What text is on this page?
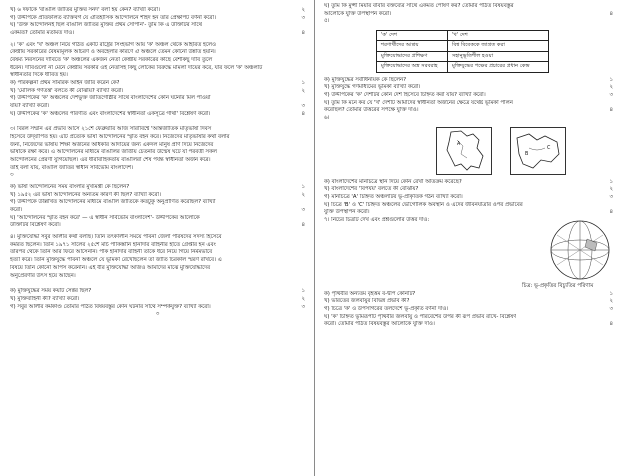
খ) ৬ দফাকে 'বাঙালি জাতির মুক্তির সনদ' বলা হয় কেন? ব্যাখ্যা করো।	২
গ) উদ্দীপকে প্রতিফলিত ব্যক্তিবর্গ যে ঐতিহাসিক আন্দোলনে শহিদ হন তার প্রেক্ষাপট বর্ণনা করো।	৩
ঘ) 'উক্ত আন্দোলনই ছিল বাঙালি জাতির মুক্তির প্রথম সোপান'- তুমি কি এ উক্তিটির সাথে
একমত? তোমার মতামত দাও।	৪
২। 'ক' এবং 'খ' অঞ্চল নিয়ে গঠিত একটি রাষ্ট্রের সিংহভাগ আয় 'ক' অঞ্চল থেকে আহরিত হলেও
কেন্দ্রীয় সরকারের বৈষম্যমূলক আচরণ ও অবহেলার কারণে ঐ অঞ্চলে তেমন কোনো উন্নতি হয়নি।
বৈষম্য নিরসনের দাবিতে 'ক' অঞ্চলের একজন নেতা কেন্দ্রীয় সরকারের কাছে বেশকিছু দাবি তুলে
ধরেন। দাবিগুলো না মেনে কেন্দ্রীয় সরকার ওই নেতাসহ কিছু লোকের বিরুদ্ধে মামলা দায়ের করে, যার ফলে 'ক' অঞ্চলটি
স্বাধীনতার দিকে ধাবিত হয়।
ক) পরিকল্পনা প্রথম সামরিক আইন জারি করেন কে?	১
খ) 'মৌলিক গণতন্ত্র' বলতে কী বোঝায়? ব্যাখ্যা করো।	২
গ) উদ্দীপকের 'ক' অঞ্চলের দেশভুক্ত জাতিগোষ্ঠীর সাথে বাংলাদেশের কোন ঘটনার মিল পাওয়া
যায়? ব্যাখ্যা করো।	৩
ঘ) উদ্দীপকের 'ক' অঞ্চলের পরিণতি এবং বাংলাদেশের স্বাধীনতা একসূত্রে গাঁথা' বিশ্লেষণ করো।	৪
৩। বিরল সম্মান এর প্রভাব আসে ২১শে ফেব্রুয়ারি আজ সারাবিশ্বে 'আন্তর্জাতিক মাতৃভাষা দিবস
হিসেবে উদ্‌যাপিত হয়। এটি প্রত্যেক ভাষা আন্দোলনের স্মৃতি বহন করে। নিজেদের মাতৃভাষার কথা বলার
জন্য, নিজেদের ভাষায় শিক্ষা অর্জনের অধিকার আদায়ের জন্য একদল মানুষ প্রাণ দিয়ে নিজেদের
ভাষাকে রক্ষা করে। এ আন্দোলনের মাধ্যমে বাঙালির জাতীয় চেতনার উন্মেষ ঘটে যা পরবর্তী সকল
আন্দোলনের প্রেরণা যুগিয়েছিল। এর ধারাবাহিকতায় বাঙালিরা শেষ পর্যন্ত স্বাধীনতা অর্জন করে।
তাই বলা যায়, বাঙালি জাতির স্বাধীন সার্বভৌম বাংলাদেশ।
৩
ক) ভাষা আন্দোলনের সময় বাংলার মুখ্যমন্ত্রী কে ছিলেন?	১
খ) ১৯৫২ এর ভাষা আন্দোলনের অন্যতম কারণ কী ছিল? ব্যাখ্যা করো।	২
গ) উদ্দীপকে উল্লিখিত আন্দোলনের মাধ্যমে বাঙালি জাতিকে কতটুকু অনুপ্রাণিত করেছিল? ব্যাখ্যা
করো।	৩
ঘ) 'আন্দোলনের স্মৃতি বহন করে' — এ স্বাধীন সার্বভৌম বাংলাদেশ'- উদ্দীপকের আলোকে
উক্তিটির বিশ্লেষণ করো।	৪
৪। মুক্তিযোদ্ধা সবুর আলীর কথা বলছি। তিনি তৎকালীন সময়ে পাবনা জেলা পরিষদের সদস্য হিসেবে
কর্মরত ছিলেন। তিনি ১৯৭১ সালের ২৫শে মার্চ পাকিস্তানি হানাদার বাহিনীর হাতে গ্রেপ্তার হন এবং
তারপর থেকে তিনি আর ফিরে আসেননি। পাক হানাদার বাহিনী তাকে ধরে নিয়ে গিয়ে নির্মমভাবে
হত্যা করে। তিনি মুক্তিযুদ্ধে পাবনা অঞ্চলে যে ভূমিকা রেখেছিলেন তা জাতি চিরকাল স্মরণ রাখবে। এ
বিষয়ে তিনি কোনো আপস করেননি। এই বীর মুক্তিযোদ্ধা আজও আমাদের মাঝে মুক্তিযোদ্ধাদের
অনুপ্রেরণার উৎস হয়ে আছেন।
ক) মুক্তিযুদ্ধের সময় কয়টি সেক্টর ছিল?	১
খ) মুক্তিবাহিনী কী? ব্যাখ্যা করো।	২
গ) সবুর আলীর কর্মকাণ্ড তোমার পঠিত বিষয়বস্তুর কোন ঘটনার সাথে সম্পর্কযুক্ত? ব্যাখ্যা করো।	৩
৩
ঘ) তুমি কি মুন্সী মিয়ার বাবার বক্তব্যের সাথে একমত পোষণ কর? তোমার পঠিত বিষয়বস্তুর
আলোকে যুক্তি উপস্থাপন করো।	৪
৫।
'ক' দেশ	'খ' দেশ
শরণার্থীদের আশ্রয়	বিশ্ব বিবেককে জাগ্রত করা
মুক্তিযোদ্ধাদের প্রশিক্ষণ	সহানুভূতিশীল হওয়া
মুক্তিযোদ্ধাদের অস্ত্র সরবরাহ	মুক্তিযুদ্ধের পক্ষের প্রচারের প্রধান কেন্দ্র
ক) মুক্তিযুদ্ধের সর্বাধিনায়ক কে ছিলেন?	১
খ) মুক্তিযুদ্ধে গণমাধ্যমের ভূমিকা ব্যাখ্যা করো।	২
গ) উদ্দীপকের 'ক' দেশটির কোন দেশ হিসেবে চিহ্নিত করা যায়? ব্যাখ্যা করো।	৩
ঘ) তুমি কি মনে কর যে 'খ' দেশটি আমাদের স্বাধীনতা অর্জনের ক্ষেত্রে যথেষ্ট ভূমিকা পালন
করেছিল? তোমার উত্তরের সপক্ষে যুক্তি দাও।	৪
৬।
A
B
C
ক) বাংলাদেশের মানচিত্রে স্থান দিয়ে কোন রেখা অতিক্রম করেছে?	১
খ) বাংলাদেশের 'বিপর্যয়' বলতে কী বোঝায়?	২
গ) মানচিত্রে 'A' চিহ্নিত অঞ্চলটির ভূ-প্রাকৃতিক গঠন ব্যাখ্যা করো।	৩
ঘ) চিত্রে 'B' ও 'C' চিহ্নিত অঞ্চলের ভৌগোলিক অবস্থান ও এদের জীবনযাত্রার ওপর প্রভাবের
যুক্তি উপস্থাপন করো।	৪
৭। নিচের চিত্রটি দেখ এবং প্রশ্নগুলোর উত্তর দাও:
চিত্র: ভূ-প্রকৃতির বিচ্যুতির পরিণাম
ক) পৃথিবীর অন্যতম বৃহত্তম ব-দ্বীপ কোনটি?	১
খ) ভারতের জলবায়ুর বিভিন্ন প্রভাব কী?	২
গ) চিত্রে 'ক' ও উপসাগরের তলদেশে ভূ-প্রকৃতি বর্ণনা দাও।	৩
ঘ) 'ক' চিহ্নিত ভূমিরূপটি পৃথিবীর জলবায়ু ও পরিবেশের উপর কী রূপ প্রভাব রাখে- বিশ্লেষণ
করো। তোমার পঠিত বিষয়বস্তুর আলোকে যুক্তি দাও।	৪
